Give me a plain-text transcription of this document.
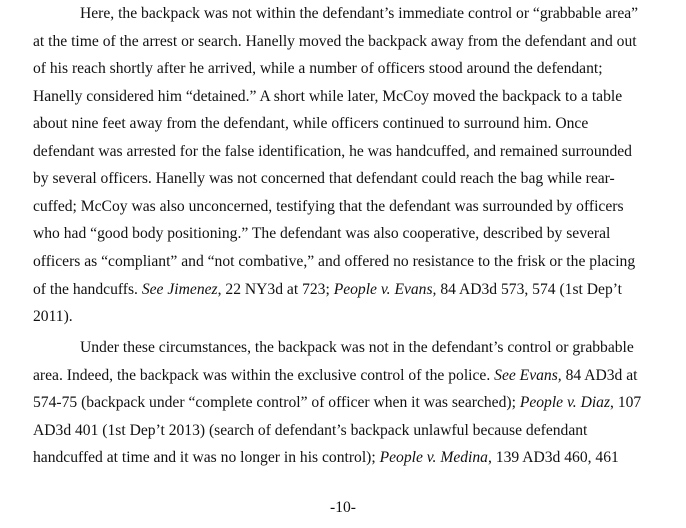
Here, the backpack was not within the defendant’s immediate control or “grabbable area”
at the time of the arrest or search. Hanelly moved the backpack away from the defendant and out
of his reach shortly after he arrived, while a number of officers stood around the defendant;
Hanelly considered him “detained.” A short while later, McCoy moved the backpack to a table
about nine feet away from the defendant, while officers continued to surround him. Once
defendant was arrested for the false identification, he was handcuffed, and remained surrounded
by several officers. Hanelly was not concerned that defendant could reach the bag while rear-
cuffed; McCoy was also unconcerned, testifying that the defendant was surrounded by officers
who had “good body positioning.” The defendant was also cooperative, described by several
officers as “compliant” and “not combative,” and offered no resistance to the frisk or the placing
of the handcuffs. See Jimenez, 22 NY3d at 723; People v. Evans, 84 AD3d 573, 574 (1st Dep’t
2011).
Under these circumstances, the backpack was not in the defendant’s control or grabbable
area. Indeed, the backpack was within the exclusive control of the police. See Evans, 84 AD3d at
574-75 (backpack under “complete control” of officer when it was searched); People v. Diaz, 107
AD3d 401 (1st Dep’t 2013) (search of defendant’s backpack unlawful because defendant
handcuffed at time and it was no longer in his control); People v. Medina, 139 AD3d 460, 461
-10-
